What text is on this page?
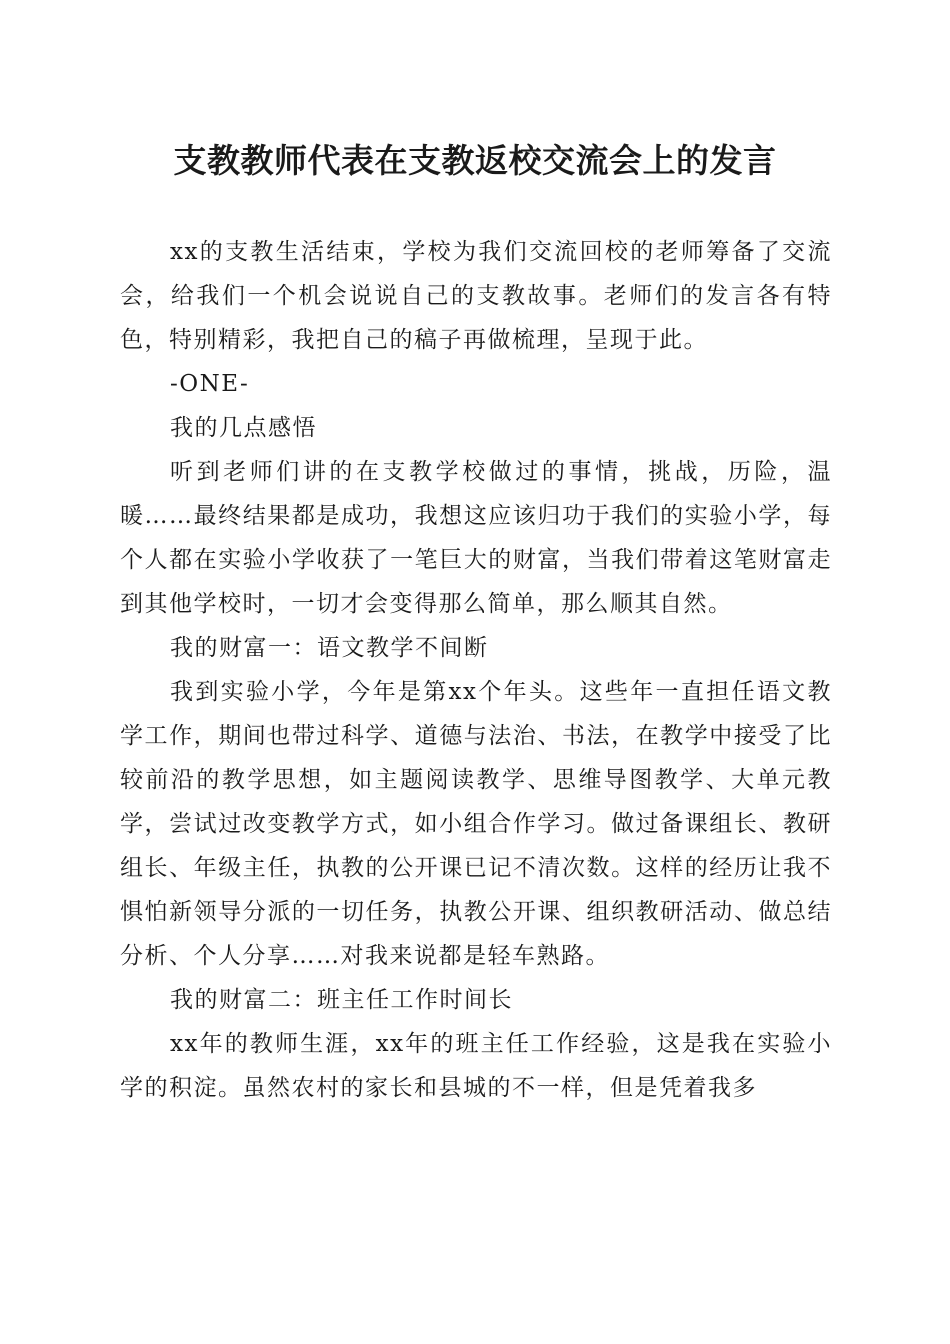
支教教师代表在支教返校交流会上的发言

xx的支教生活结束，学校为我们交流回校的老师筹备了交流会，给我们一个机会说说自己的支教故事。老师们的发言各有特色，特别精彩，我把自己的稿子再做梳理，呈现于此。

-ONE-

我的几点感悟

听到老师们讲的在支教学校做过的事情，挑战，历险，温暖……最终结果都是成功，我想这应该归功于我们的实验小学，每个人都在实验小学收获了一笔巨大的财富，当我们带着这笔财富走到其他学校时，一切才会变得那么简单，那么顺其自然。

我的财富一：语文教学不间断

我到实验小学，今年是第xx个年头。这些年一直担任语文教学工作，期间也带过科学、道德与法治、书法，在教学中接受了比较前沿的教学思想，如主题阅读教学、思维导图教学、大单元教学，尝试过改变教学方式，如小组合作学习。做过备课组长、教研组长、年级主任，执教的公开课已记不清次数。这样的经历让我不惧怕新领导分派的一切任务，执教公开课、组织教研活动、做总结分析、个人分享……对我来说都是轻车熟路。

我的财富二：班主任工作时间长

xx年的教师生涯，xx年的班主任工作经验，这是我在实验小学的积淀。虽然农村的家长和县城的不一样，但是凭着我多
